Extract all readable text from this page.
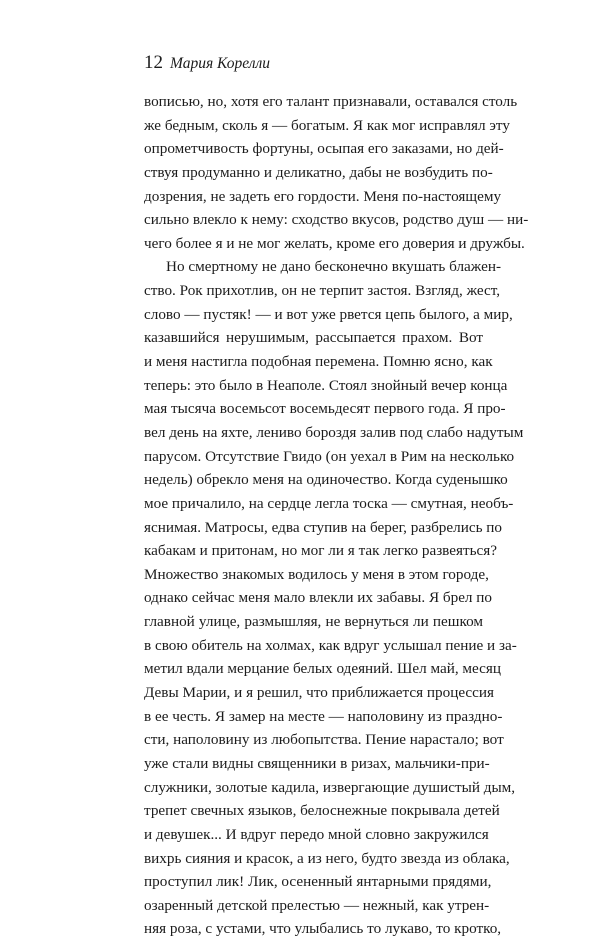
12 Мария Корелли
вописью, но, хотя его талант признавали, оставался столь
же бедным, сколь я — богатым. Я как мог исправлял эту
опрометчивость фортуны, осыпая его заказами, но дей-
ствуя продуманно и деликатно, дабы не возбудить по-
дозрения, не задеть его гордости. Меня по-настоящему
сильно влекло к нему: сходство вкусов, родство душ — ни-
чего более я и не мог желать, кроме его доверия и дружбы.
Но смертному не дано бесконечно вкушать блажен-
ство. Рок прихотлив, он не терпит застоя. Взгляд, жест,
слово — пустяк! — и вот уже рвется цепь былого, а мир,
казавшийся нерушимым, рассыпается прахом. Вот
и меня настигла подобная перемена. Помню ясно, как
теперь: это было в Неаполе. Стоял знойный вечер конца
мая тысяча восемьсот восемьдесят первого года. Я про-
вел день на яхте, лениво бороздя залив под слабо надутым
парусом. Отсутствие Гвидо (он уехал в Рим на несколько
недель) обрекло меня на одиночество. Когда суденышко
мое причалило, на сердце легла тоска — смутная, необъ-
яснимая. Матросы, едва ступив на берег, разбрелись по
кабакам и притонам, но мог ли я так легко развеяться?
Множество знакомых водилось у меня в этом городе,
однако сейчас меня мало влекли их забавы. Я брел по
главной улице, размышляя, не вернуться ли пешком
в свою обитель на холмах, как вдруг услышал пение и за-
метил вдали мерцание белых одеяний. Шел май, месяц
Девы Марии, и я решил, что приближается процессия
в ее честь. Я замер на месте — наполовину из праздно-
сти, наполовину из любопытства. Пение нарастало; вот
уже стали видны священники в ризах, мальчики-при-
служники, золотые кадила, извергающие душистый дым,
трепет свечных языков, белоснежные покрывала детей
и девушек... И вдруг передо мной словно закружился
вихрь сияния и красок, а из него, будто звезда из облака,
проступил лик! Лик, осененный янтарными прядями,
озаренный детской прелестью — нежный, как утрен-
няя роза, с устами, что улыбались то лукаво, то кротко,
